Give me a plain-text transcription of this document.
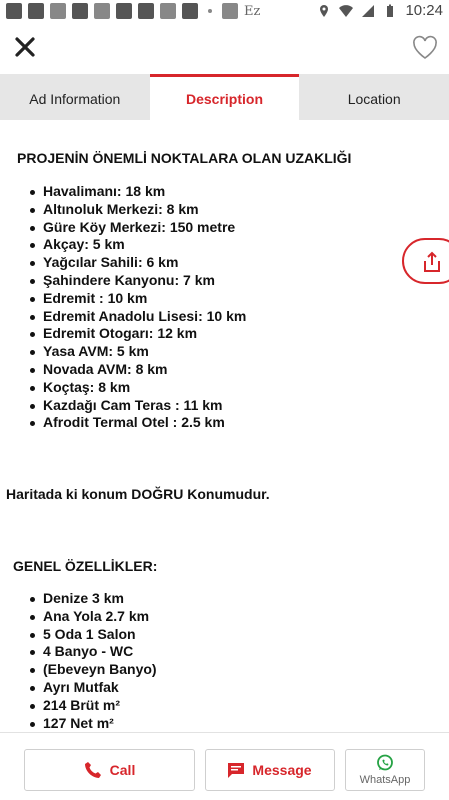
Ez	10:24
Ad Information	Description	Location
PROJENİN ÖNEMLİ NOKTALARA OLAN UZAKLIĞI
Havalimanı: 18 km
Altınoluk Merkezi: 8 km
Güre Köy Merkezi: 150 metre
Akçay: 5 km
Yağcılar Sahili: 6 km
Şahindere Kanyonu: 7 km
Edremit : 10 km
Edremit Anadolu Lisesi: 10 km
Edremit Otogarı: 12 km
Yasa AVM: 5 km
Novada AVM: 8 km
Koçtaş: 8 km
Kazdağı Cam Teras : 11 km
Afrodit Termal Otel : 2.5 km
Haritada ki konum DOĞRU Konumudur.
GENEL ÖZELLİKLER:
Denize 3 km
Ana Yola 2.7 km
5 Oda 1 Salon
4 Banyo - WC
(Ebeveyn Banyo)
Ayrı Mutfak
214 Brüt m²
127 Net m²
Call	Message
WhatsApp
